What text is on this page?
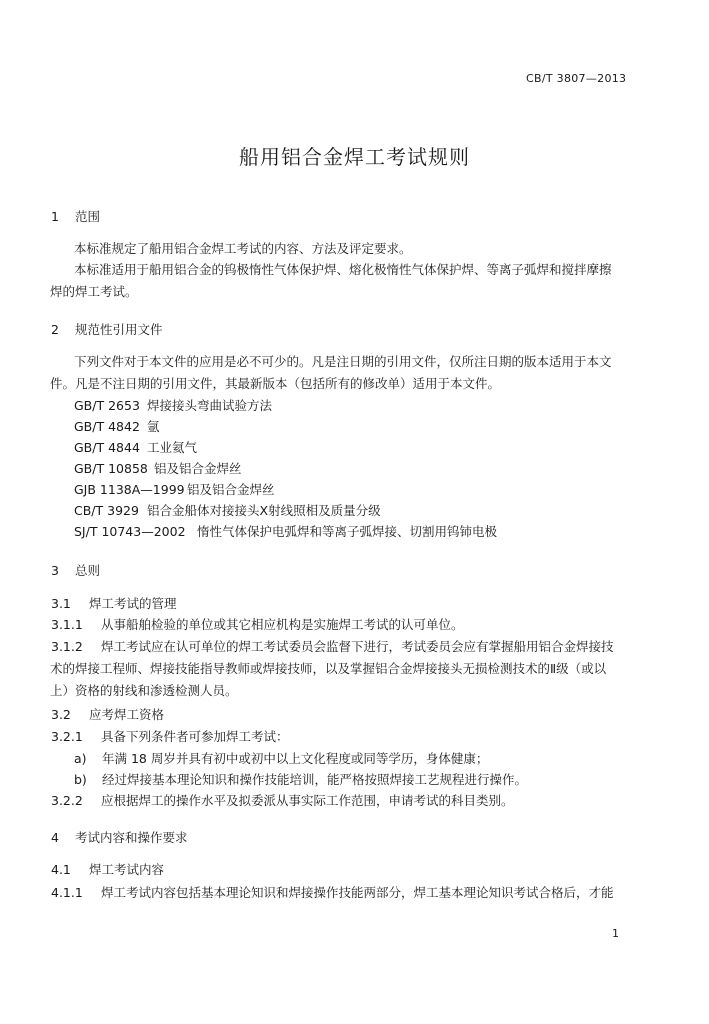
CB/T 3807—2013
船用铝合金焊工考试规则
1 范围
本标准规定了船用铝合金焊工考试的内容、方法及评定要求。
本标准适用于船用铝合金的钨极惰性气体保护焊、熔化极惰性气体保护焊、等离子弧焊和搅拌摩擦
焊的焊工考试。
2 规范性引用文件
下列文件对于本文件的应用是必不可少的。凡是注日期的引用文件，仅所注日期的版本适用于本文
件。凡是不注日期的引用文件，其最新版本（包括所有的修改单）适用于本文件。
GB/T 2653 焊接接头弯曲试验方法
GB/T 4842 氩
GB/T 4844 工业氦气
GB/T 10858 铝及铝合金焊丝
GJB 1138A—1999 铝及铝合金焊丝
CB/T 3929 铝合金船体对接接头X射线照相及质量分级
SJ/T 10743—2002 惰性气体保护电弧焊和等离子弧焊接、切割用钨铈电极
3 总则
3.1 焊工考试的管理
3.1.1 从事船舶检验的单位或其它相应机构是实施焊工考试的认可单位。
3.1.2 焊工考试应在认可单位的焊工考试委员会监督下进行，考试委员会应有掌握船用铝合金焊接技
术的焊接工程师、焊接技能指导教师或焊接技师，以及掌握铝合金焊接接头无损检测技术的Ⅱ级（或以
上）资格的射线和渗透检测人员。
3.2 应考焊工资格
3.2.1 具备下列条件者可参加焊工考试：
a) 年满 18 周岁并具有初中或初中以上文化程度或同等学历，身体健康；
b) 经过焊接基本理论知识和操作技能培训，能严格按照焊接工艺规程进行操作。
3.2.2 应根据焊工的操作水平及拟委派从事实际工作范围，申请考试的科目类别。
4 考试内容和操作要求
4.1 焊工考试内容
4.1.1 焊工考试内容包括基本理论知识和焊接操作技能两部分，焊工基本理论知识考试合格后，才能
1
